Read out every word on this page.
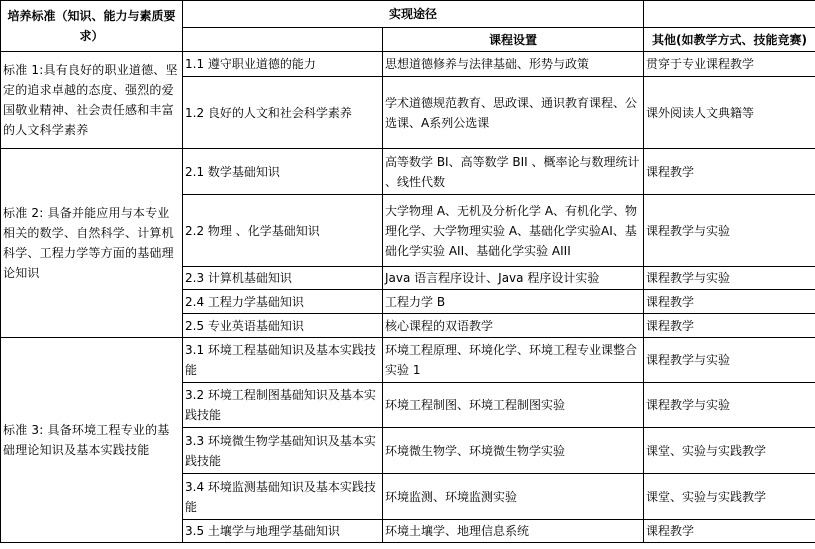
培养标准（知识、能力与素质要求）	实现途径		
		课程设置	其他(如教学方式、技能竞赛)
标准 1:具有良好的职业道德、坚定的追求卓越的态度、强烈的爱国敬业精神、社会责任感和丰富的人文科学素养	1.1 遵守职业道德的能力	思想道德修养与法律基础、形势与政策	贯穿于专业课程教学
	1.2 良好的人文和社会科学素养	学术道德规范教育、思政课、通识教育课程、公选课、A系列公选课	课外阅读人文典籍等
标准 2: 具备并能应用与本专业相关的数学、自然科学、计算机科学、工程力学等方面的基础理论知识	2.1 数学基础知识	高等数学 BI、高等数学 BII 、概率论与数理统计 、线性代数	课程教学
	2.2 物理 、化学基础知识	大学物理 A、无机及分析化学 A、有机化学、物理化学、大学物理实验 A、基础化学实验AI、基础化学实验 AII、基础化学实验 AIII	课程教学与实验
	2.3 计算机基础知识	Java 语言程序设计、Java 程序设计实验	课程教学与实验
	2.4 工程力学基础知识	工程力学 B	课程教学
	2.5 专业英语基础知识	核心课程的双语教学	课程教学
标准 3: 具备环境工程专业的基础理论知识及基本实践技能	3.1 环境工程基础知识及基本实践技能	环境工程原理、环境化学、环境工程专业课整合实验 1	课程教学与实验
	3.2 环境工程制图基础知识及基本实践技能	环境工程制图、环境工程制图实验	课程教学与实验
	3.3 环境微生物学基础知识及基本实践技能	环境微生物学、环境微生物学实验	课堂、实验与实践教学
	3.4 环境监测基础知识及基本实践技能	环境监测、环境监测实验	课堂、实验与实践教学
	3.5 土壤学与地理学基础知识	环境土壤学、地理信息系统	课程教学
